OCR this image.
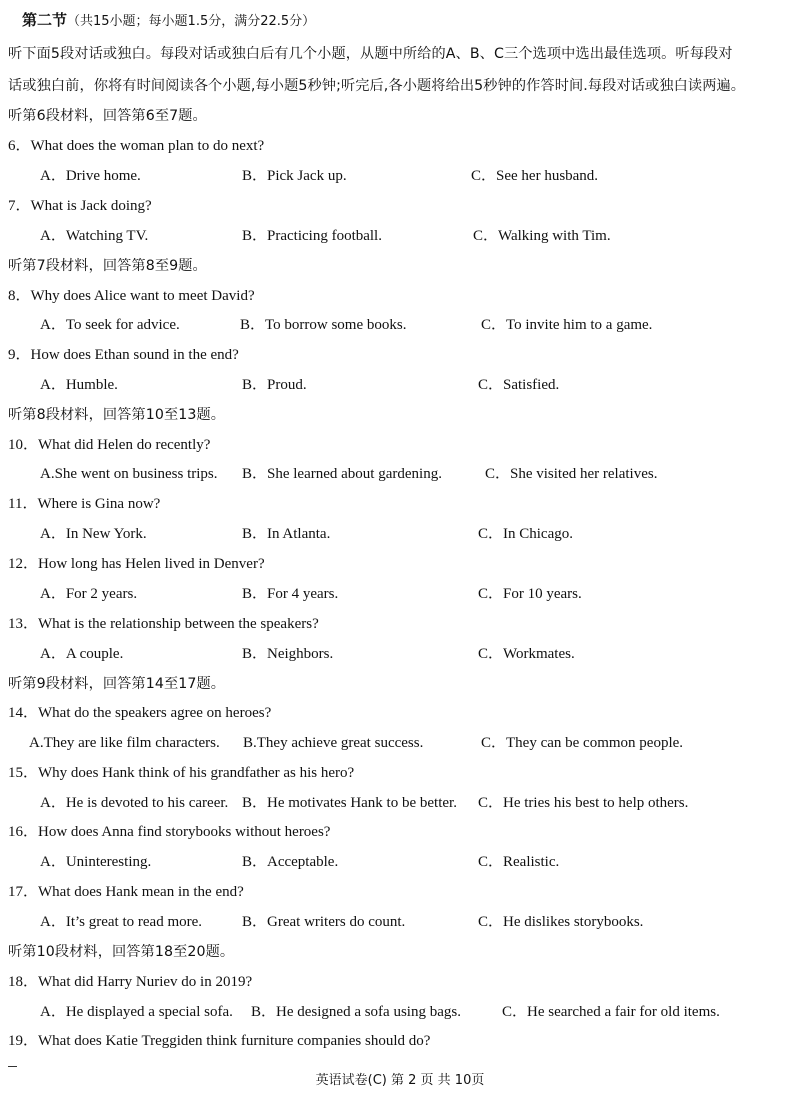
第二节（共15小题；每小题1.5分，满分22.5分）
听下面5段对话或独白。每段对话或独白后有几个小题，从题中所给的A、B、C三个选项中选出最佳选项。听每段对
话或独白前，你将有时间阅读各个小题,每小题5秒钟;听完后,各小题将给出5秒钟的作答时间.每段对话或独白读两遍。
听第6段材料，回答第6至7题。
6．What does the woman plan to do next?
A．Drive home.	B．Pick Jack up.	C．See her husband.
7．What is Jack doing?
A．Watching TV.	B．Practicing football.	C．Walking with Tim.
听第7段材料，回答第8至9题。
8．Why does Alice want to meet David?
A．To seek for advice.	B．To borrow some books.	C．To invite him to a game.
9．How does Ethan sound in the end?
A．Humble.	B．Proud.	C．Satisfied.
听第8段材料，回答第10至13题。
10．What did Helen do recently?
A.She went on business trips. B．She learned about gardening.	C．She visited her relatives.
11．Where is Gina now?
A．In New York.	B．In Atlanta.	C．In Chicago.
12．How long has Helen lived in Denver?
A．For 2 years.	B．For 4 years.	C．For 10 years.
13．What is the relationship between the speakers?
A．A couple.	B．Neighbors.	C．Workmates.
听第9段材料，回答第14至17题。
14．What do the speakers agree on heroes?
A.They are like film characters. B.They achieve great success.	C．They can be common people.
15．Why does Hank think of his grandfather as his hero?
A．He is devoted to his career. B．He motivates Hank to be better. C．He tries his best to help others.
16．How does Anna find storybooks without heroes?
A．Uninteresting.	B．Acceptable.	C．Realistic.
17．What does Hank mean in the end?
A．It’s great to read more.	B．Great writers do count.	C．He dislikes storybooks.
听第10段材料，回答第18至20题。
18．What did Harry Nuriev do in 2019?
A．He displayed a special sofa. B．He designed a sofa using bags.	C．He searched a fair for old items.
19．What does Katie Treggiden think furniture companies should do?
英语试卷(C) 第 2 页 共 10页
